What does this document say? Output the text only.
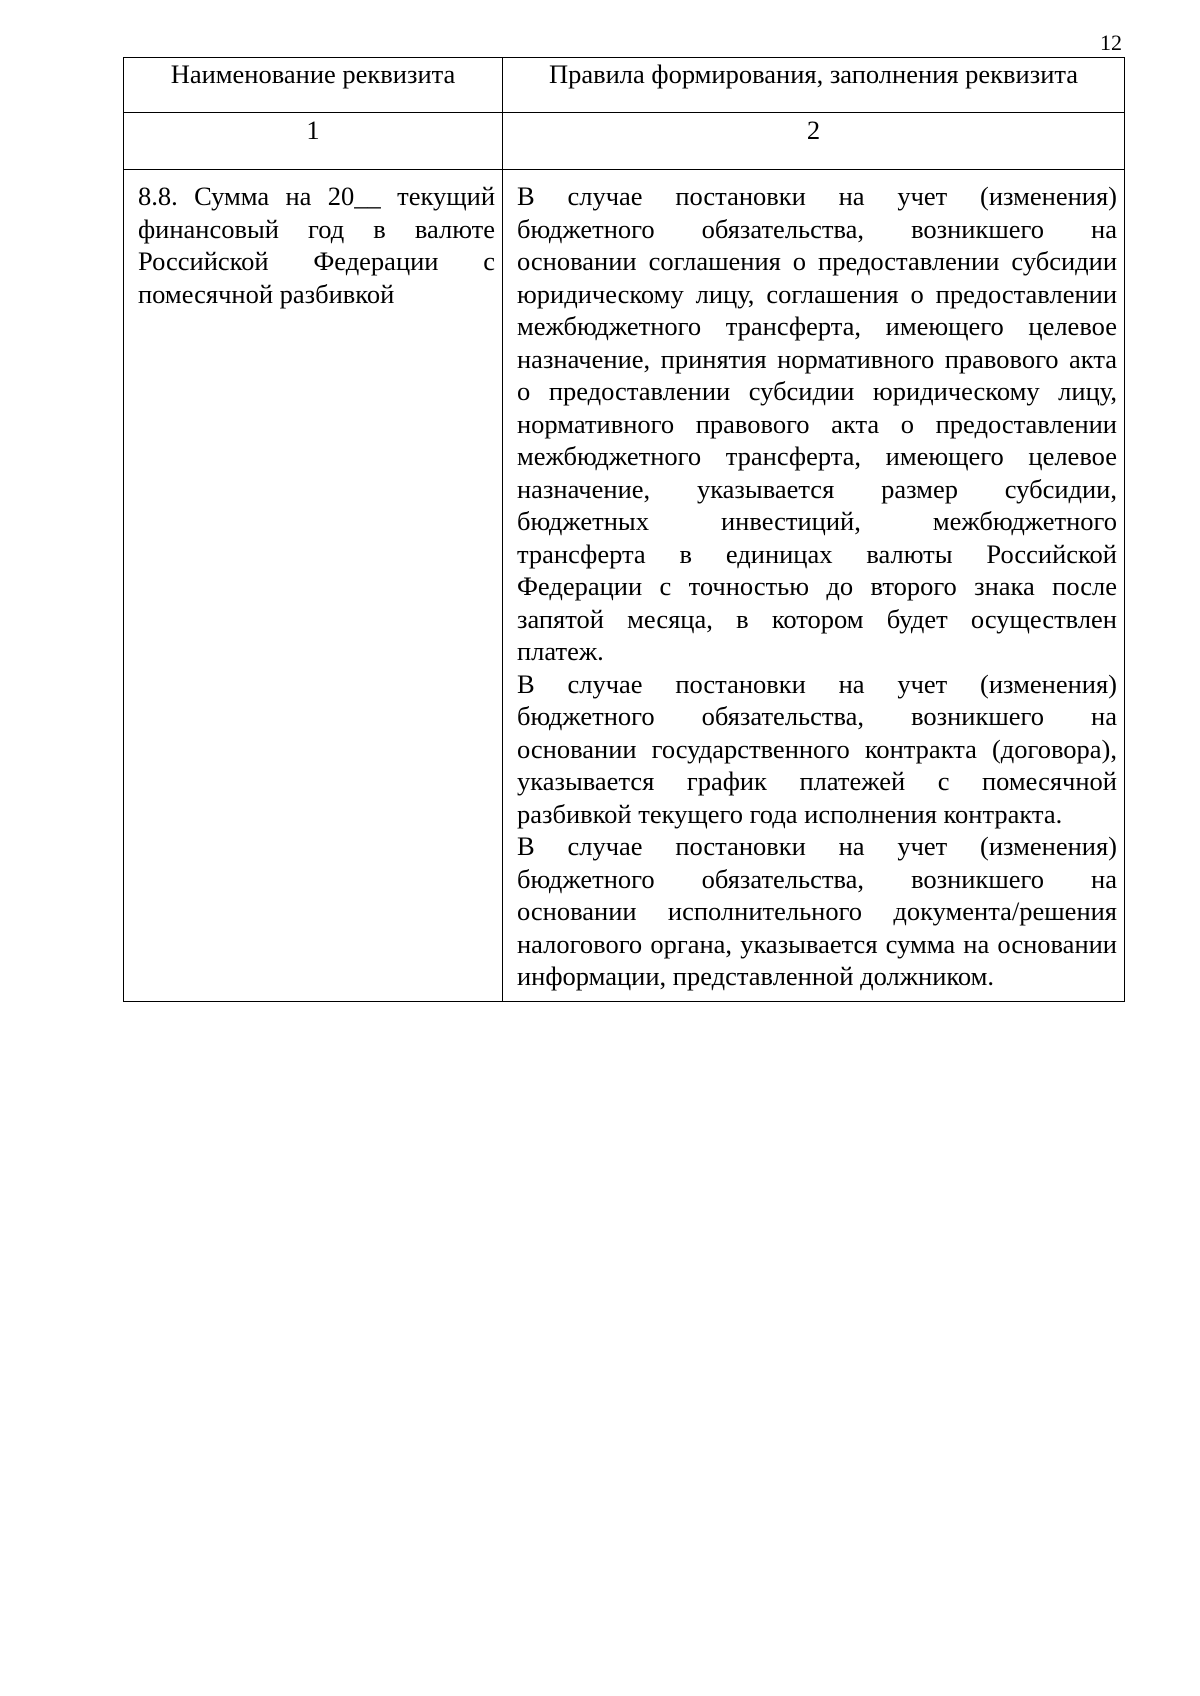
12
Наименование реквизита	Правила формирования, заполнения реквизита
1	2

8.8. Сумма на 20__ текущий финансовый год в валюте Российской Федерации с помесячной разбивкой	В случае постановки на учет (изменения) бюджетного обязательства, возникшего на основании соглашения о предоставлении субсидии юридическому лицу, соглашения о предоставлении межбюджетного трансферта, имеющего целевое назначение, принятия нормативного правового акта о предоставлении субсидии юридическому лицу, нормативного правового акта о предоставлении межбюджетного трансферта, имеющего целевое назначение, указывается размер субсидии, бюджетных инвестиций, межбюджетного трансферта в единицах валюты Российской Федерации с точностью до второго знака после запятой месяца, в котором будет осуществлен платеж.

В случае постановки на учет (изменения) бюджетного обязательства, возникшего на основании государственного контракта (договора), указывается график платежей с помесячной разбивкой текущего года исполнения контракта.

В случае постановки на учет (изменения) бюджетного обязательства, возникшего на основании исполнительного документа/решения налогового органа, указывается сумма на основании информации, представленной должником.
